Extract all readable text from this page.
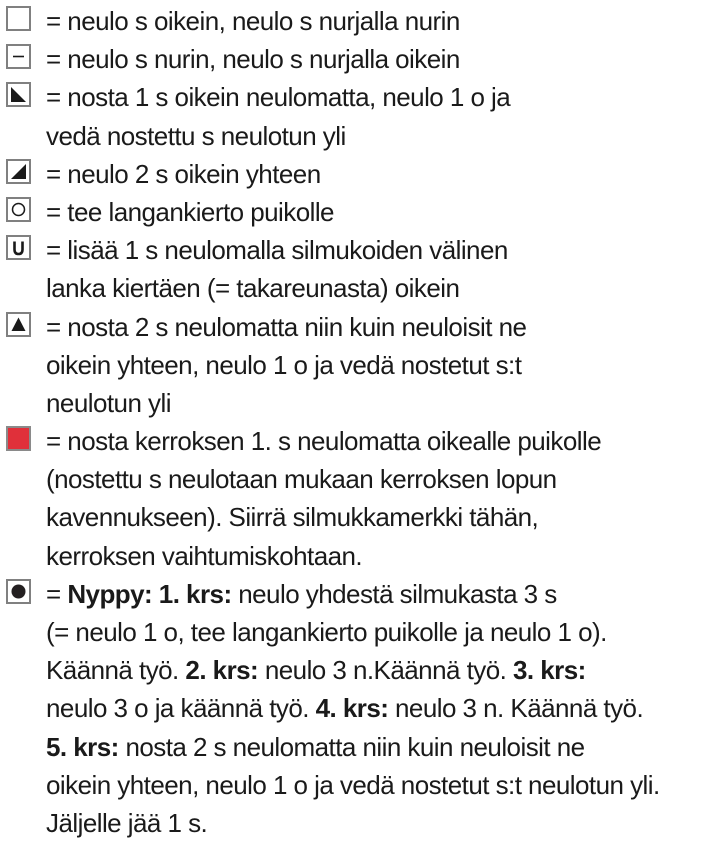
= neulo s oikein, neulo s nurjalla nurin
= neulo s nurin, neulo s nurjalla oikein
= nosta 1 s oikein neulomatta, neulo 1 o ja
vedä nostettu s neulotun yli
= neulo 2 s oikein yhteen
= tee langankierto puikolle
= lisää 1 s neulomalla silmukoiden välinen
lanka kiertäen (= takareunasta) oikein
= nosta 2 s neulomatta niin kuin neuloisit ne
oikein yhteen, neulo 1 o ja vedä nostetut s:t
neulotun yli
= nosta kerroksen 1. s neulomatta oikealle puikolle
(nostettu s neulotaan mukaan kerroksen lopun
kavennukseen). Siirrä silmukkamerkki tähän,
kerroksen vaihtumiskohtaan.
= Nyppy: 1. krs: neulo yhdestä silmukasta 3 s
(= neulo 1 o, tee langankierto puikolle ja neulo 1 o).
Käännä työ. 2. krs: neulo 3 n.Käännä työ. 3. krs:
neulo 3 o ja käännä työ. 4. krs: neulo 3 n. Käännä työ.
5. krs: nosta 2 s neulomatta niin kuin neuloisit ne
oikein yhteen, neulo 1 o ja vedä nostetut s:t neulotun yli.
Jäljelle jää 1 s.
